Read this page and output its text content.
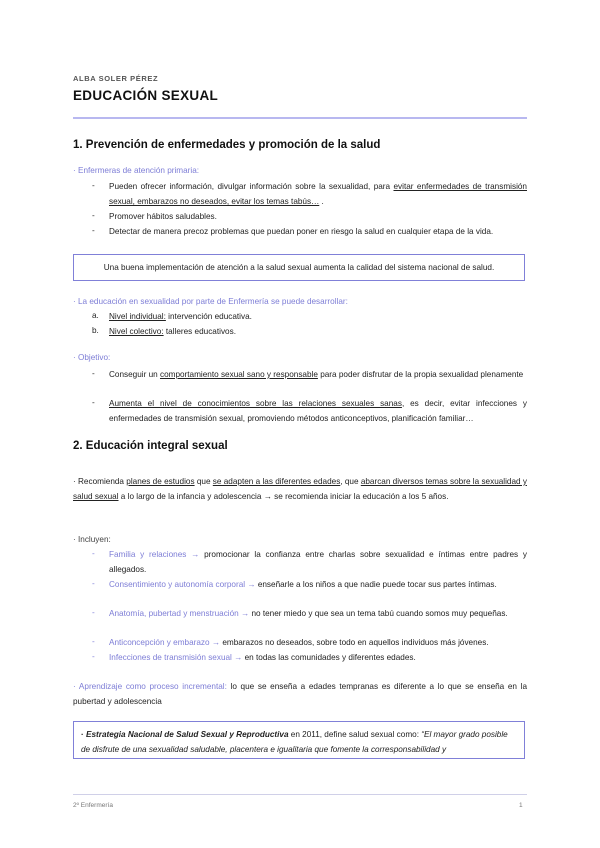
ALBA SOLER PÉREZ
EDUCACIÓN SEXUAL
1. Prevención de enfermedades y promoción de la salud
· Enfermeras de atención primaria:
- Pueden ofrecer información, divulgar información sobre la sexualidad, para evitar enfermedades de transmisión sexual, embarazos no deseados, evitar los temas tabús… .
- Promover hábitos saludables.
- Detectar de manera precoz problemas que puedan poner en riesgo la salud en cualquier etapa de la vida.
Una buena implementación de atención a la salud sexual aumenta la calidad del sistema nacional de salud.
· La educación en sexualidad por parte de Enfermería se puede desarrollar:
a. Nivel individual: intervención educativa.
b. Nivel colectivo: talleres educativos.
· Objetivo:
- Conseguir un comportamiento sexual sano y responsable para poder disfrutar de la propia sexualidad plenamente
- Aumenta el nivel de conocimientos sobre las relaciones sexuales sanas, es decir, evitar infecciones y enfermedades de transmisión sexual, promoviendo métodos anticonceptivos, planificación familiar…
2. Educación integral sexual
· Recomienda planes de estudios que se adapten a las diferentes edades, que abarcan diversos temas sobre la sexualidad y salud sexual a lo largo de la infancia y adolescencia → se recomienda iniciar la educación a los 5 años.
· Incluyen:
- Familia y relaciones → promocionar la confianza entre charlas sobre sexualidad e íntimas entre padres y allegados.
- Consentimiento y autonomía corporal → enseñarle a los niños a que nadie puede tocar sus partes íntimas.
- Anatomía, pubertad y menstruación → no tener miedo y que sea un tema tabú cuando somos muy pequeñas.
- Anticoncepción y embarazo → embarazos no deseados, sobre todo en aquellos individuos más jóvenes.
- Infecciones de transmisión sexual → en todas las comunidades y diferentes edades.
· Aprendizaje como proceso incremental: lo que se enseña a edades tempranas es diferente a lo que se enseña en la pubertad y adolescencia
· Estrategia Nacional de Salud Sexual y Reproductiva en 2011, define salud sexual como: “El mayor grado posible de disfrute de una sexualidad saludable, placentera e igualitaria que fomente la corresponsabilidad y
2º Enfermería	1
